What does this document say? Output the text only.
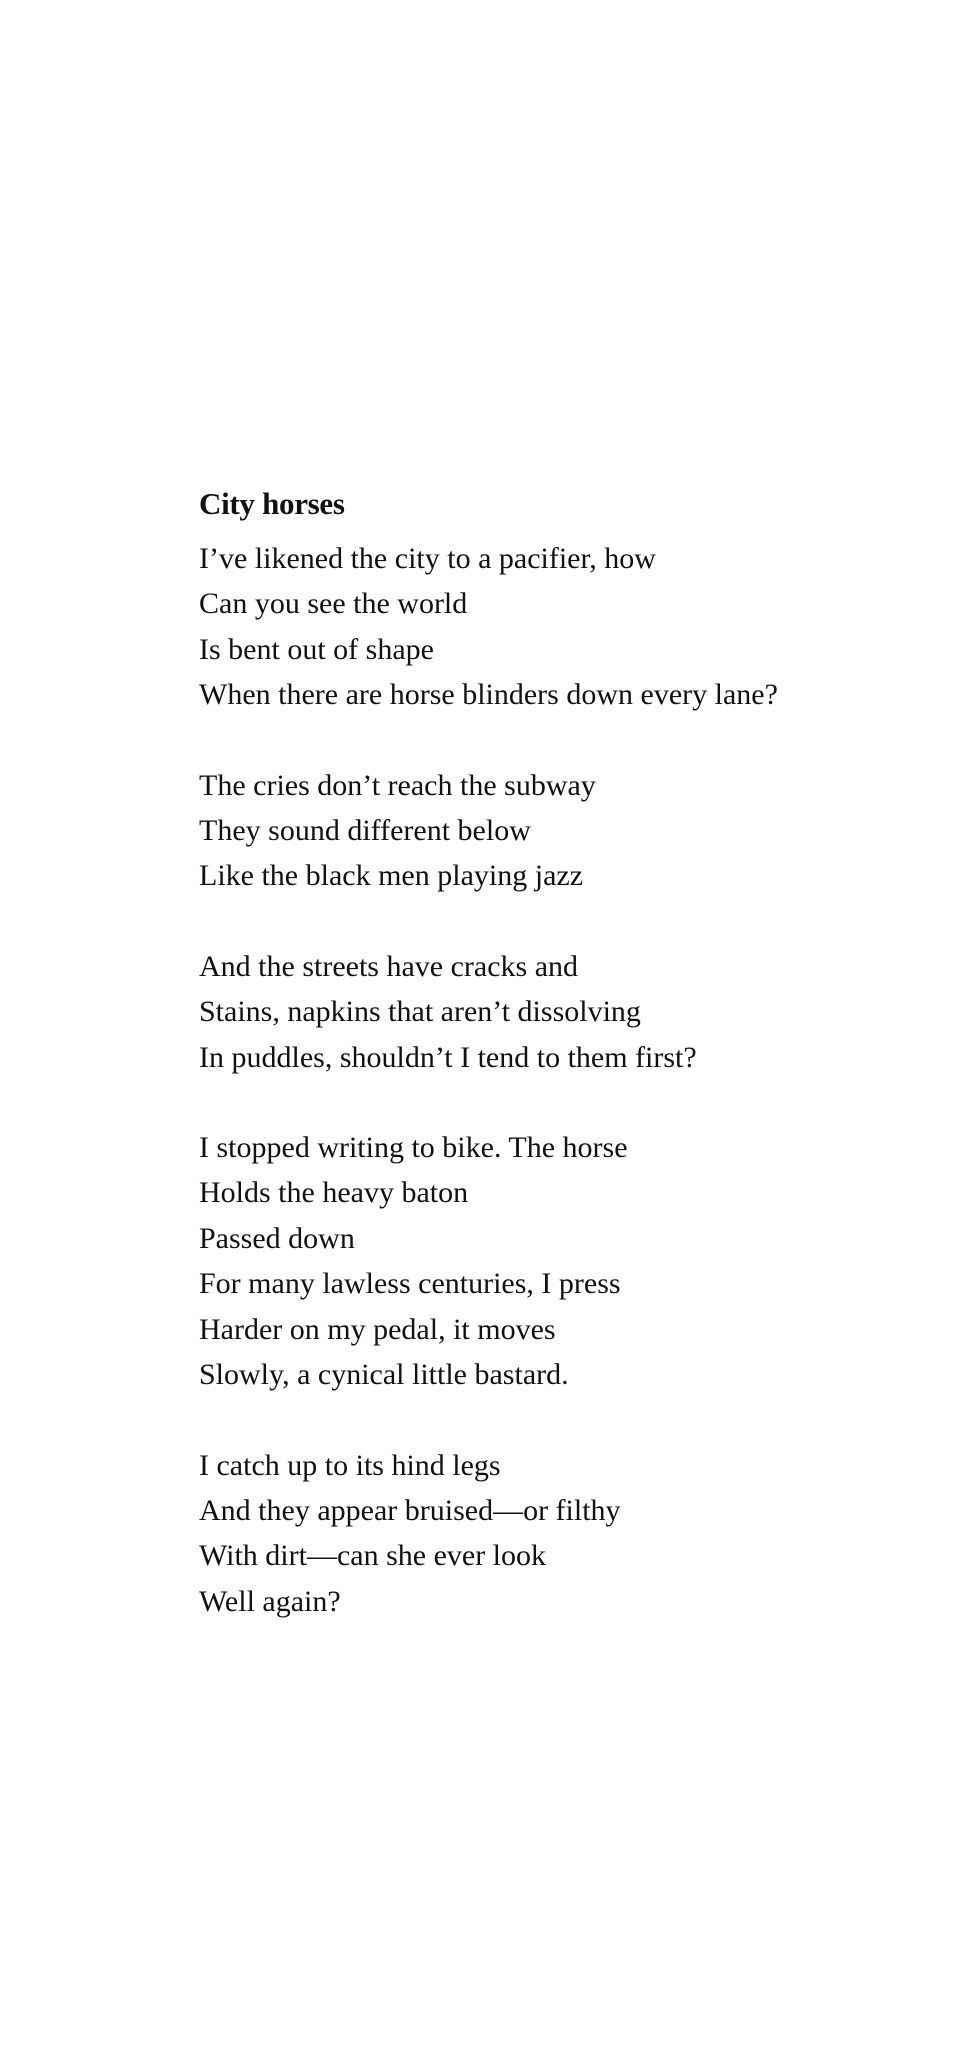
City horses

I’ve likened the city to a pacifier, how

Can you see the world

Is bent out of shape

When there are horse blinders down every lane?

The cries don’t reach the subway

They sound different below

Like the black men playing jazz

And the streets have cracks and

Stains, napkins that aren’t dissolving

In puddles, shouldn’t I tend to them first?

I stopped writing to bike. The horse

Holds the heavy baton

Passed down

For many lawless centuries, I press

Harder on my pedal, it moves

Slowly, a cynical little bastard.

I catch up to its hind legs

And they appear bruised—or filthy

With dirt—can she ever look

Well again?
